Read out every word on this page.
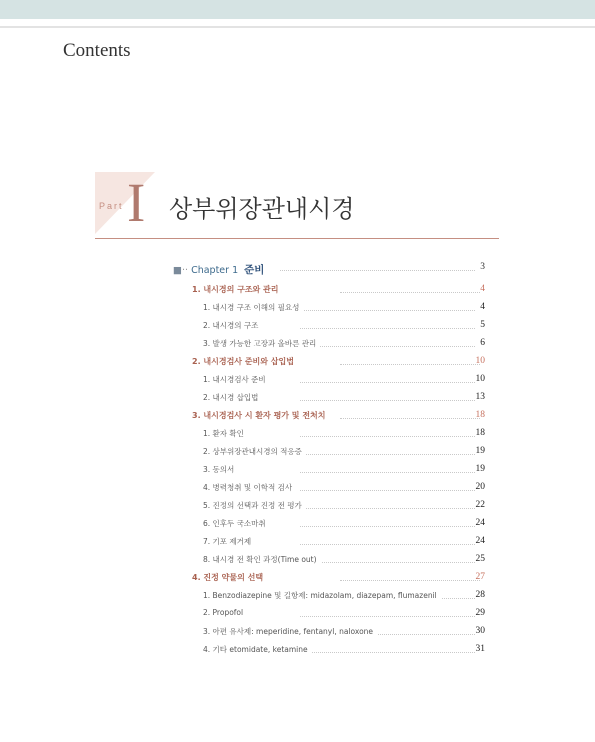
Contents
Part I 상부위장관내시경
■·· Chapter 1 준비	3
1. 내시경의 구조와 관리	4
1. 내시경 구조 이해의 필요성	4
2. 내시경의 구조	5
3. 발생 가능한 고장과 올바른 관리	6
2. 내시경검사 준비와 삽입법	10
1. 내시경검사 준비	10
2. 내시경 삽입법	13
3. 내시경검사 시 환자 평가 및 전처치	18
1. 환자 확인	18
2. 상부위장관내시경의 적응증	19
3. 동의서	19
4. 병력청취 및 이학적 검사	20
5. 진정의 선택과 진정 전 평가	22
6. 인후두 국소마취	24
7. 기포 제거제	24
8. 내시경 전 확인 과정(Time out)	25
4. 진정 약물의 선택	27
1. Benzodiazepine 및 길항제: midazolam, diazepam, flumazenil	28
2. Propofol	29
3. 아편 유사제: meperidine, fentanyl, naloxone	30
4. 기타 etomidate, ketamine	31
